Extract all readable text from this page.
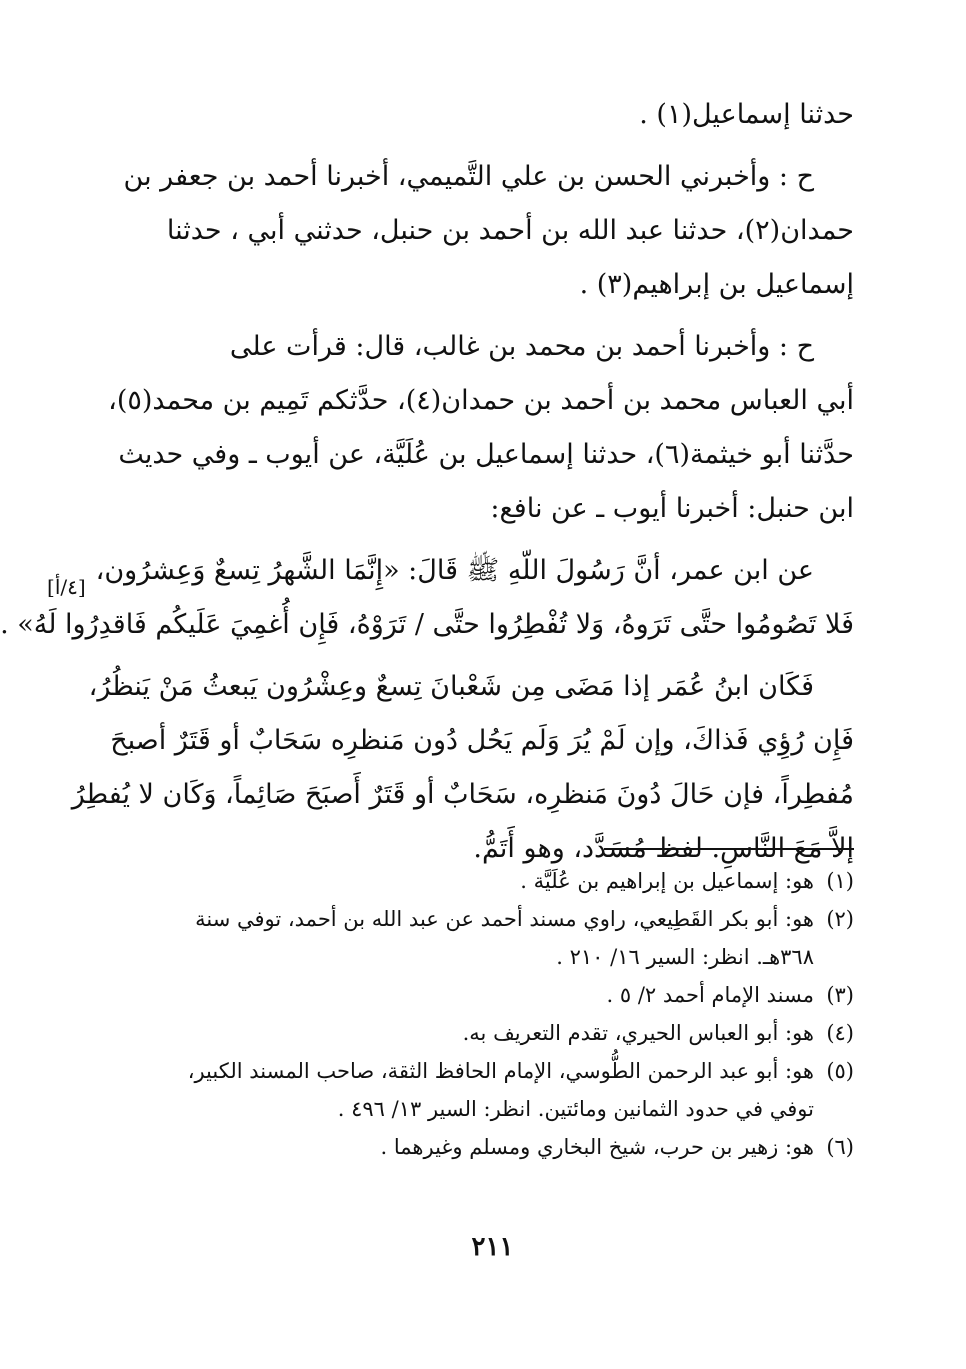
حدثنا إسماعيل(١) .

ح : وأخبرني الحسن بن علي التَّميمي، أخبرنا أحمد بن جعفر بن
حمدان(٢)، حدثنا عبد الله بن أحمد بن حنبل، حدثني أبي ، حدثنا
إسماعيل بن إبراهيم(٣) .

ح : وأخبرنا أحمد بن محمد بن غالب، قال: قرأت على
أبي العباس محمد بن أحمد بن حمدان(٤)، حدَّثكم تَمِيم بن محمد(٥)،
حدَّثنا أبو خيثمة(٦)، حدثنا إسماعيل بن عُلَيَّة، عن أيوب ـ وفي حديث
ابن حنبل: أخبرنا أيوب ـ عن نافع:

عن ابن عمر، أنَّ رَسُولَ اللّهِ ﷺ قَالَ: «إِنَّمَا الشَّهرُ تِسعٌ وَعِشرُون،
فَلا تَصُومُوا حتَّى تَرَوهُ، وَلا تُفْطِرُوا حتَّى / تَرَوْهُ، فَإِن أُغمِيَ عَلَيكُم فَاقدِرُوا لَهُ» .

فَكَان ابنُ عُمَر إذا مَضَى مِن شَعْبانَ تِسعٌ وعِشْرُون يَبعثُ مَنْ يَنظُرُ،
فَإِن رُؤِي فَذاكَ، وإن لَمْ يُرَ وَلَم يَحُل دُون مَنظرِه سَحَابٌ أو قَتَرٌ أصبحَ
مُفطِراً، فإن حَالَ دُونَ مَنظرِه، سَحَابٌ أو قَتَرٌ أَصبَحَ صَائِماً، وَكَان لا يُفطِرُ
إلاَّ مَعَ النَّاسِ. لفظ مُسَدَّد، وهو أَتَمُّ.

[٤/أ]
(١)هو: إسماعيل بن إبراهيم بن عُلَيَّة .
(٢)هو: أبو بكر القَطِيعي، راوي مسند أحمد عن عبد الله بن أحمد، توفي سنة
٣٦٨هـ. انظر: السير ١٦/ ٢١٠ .
(٣)مسند الإمام أحمد ٢/ ٥ .
(٤)هو: أبو العباس الحيري، تقدم التعريف به.
(٥)هو: أبو عبد الرحمن الطُّوسي، الإمام الحافظ الثقة، صاحب المسند الكبير،
توفي في حدود الثمانين ومائتين. انظر: السير ١٣/ ٤٩٦ .
(٦)هو: زهير بن حرب، شيخ البخاري ومسلم وغيرهما .
٢١١
